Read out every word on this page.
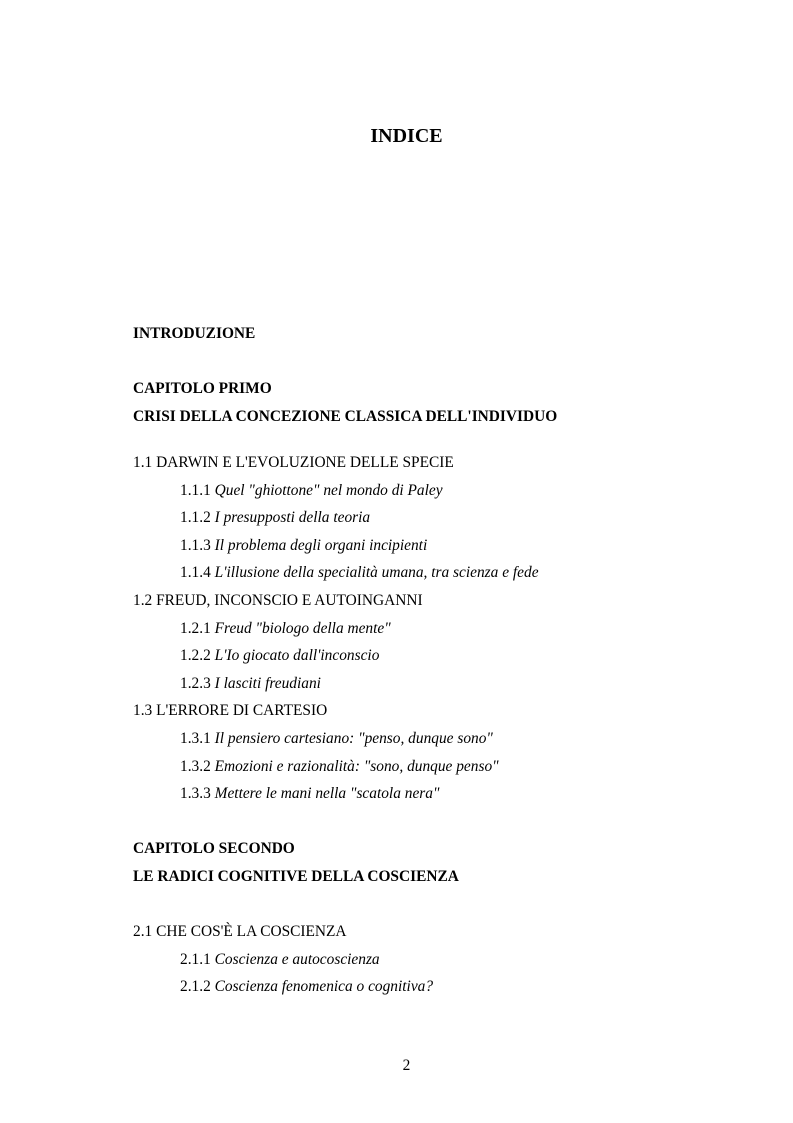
INDICE
INTRODUZIONE
CAPITOLO PRIMO
CRISI DELLA CONCEZIONE CLASSICA DELL'INDIVIDUO
1.1 DARWIN E L'EVOLUZIONE DELLE SPECIE
1.1.1 Quel "ghiottone" nel mondo di Paley
1.1.2 I presupposti della teoria
1.1.3 Il problema degli organi incipienti
1.1.4 L'illusione della specialità umana, tra scienza e fede
1.2 FREUD, INCONSCIO E AUTOINGANNI
1.2.1 Freud "biologo della mente"
1.2.2 L'Io giocato dall'inconscio
1.2.3 I lasciti freudiani
1.3 L'ERRORE DI CARTESIO
1.3.1 Il pensiero cartesiano: "penso, dunque sono"
1.3.2 Emozioni e razionalità: "sono, dunque penso"
1.3.3 Mettere le mani nella "scatola nera"
CAPITOLO SECONDO
LE RADICI COGNITIVE DELLA COSCIENZA
2.1 CHE COS'È LA COSCIENZA
2.1.1 Coscienza e autocoscienza
2.1.2 Coscienza fenomenica o cognitiva?
2
